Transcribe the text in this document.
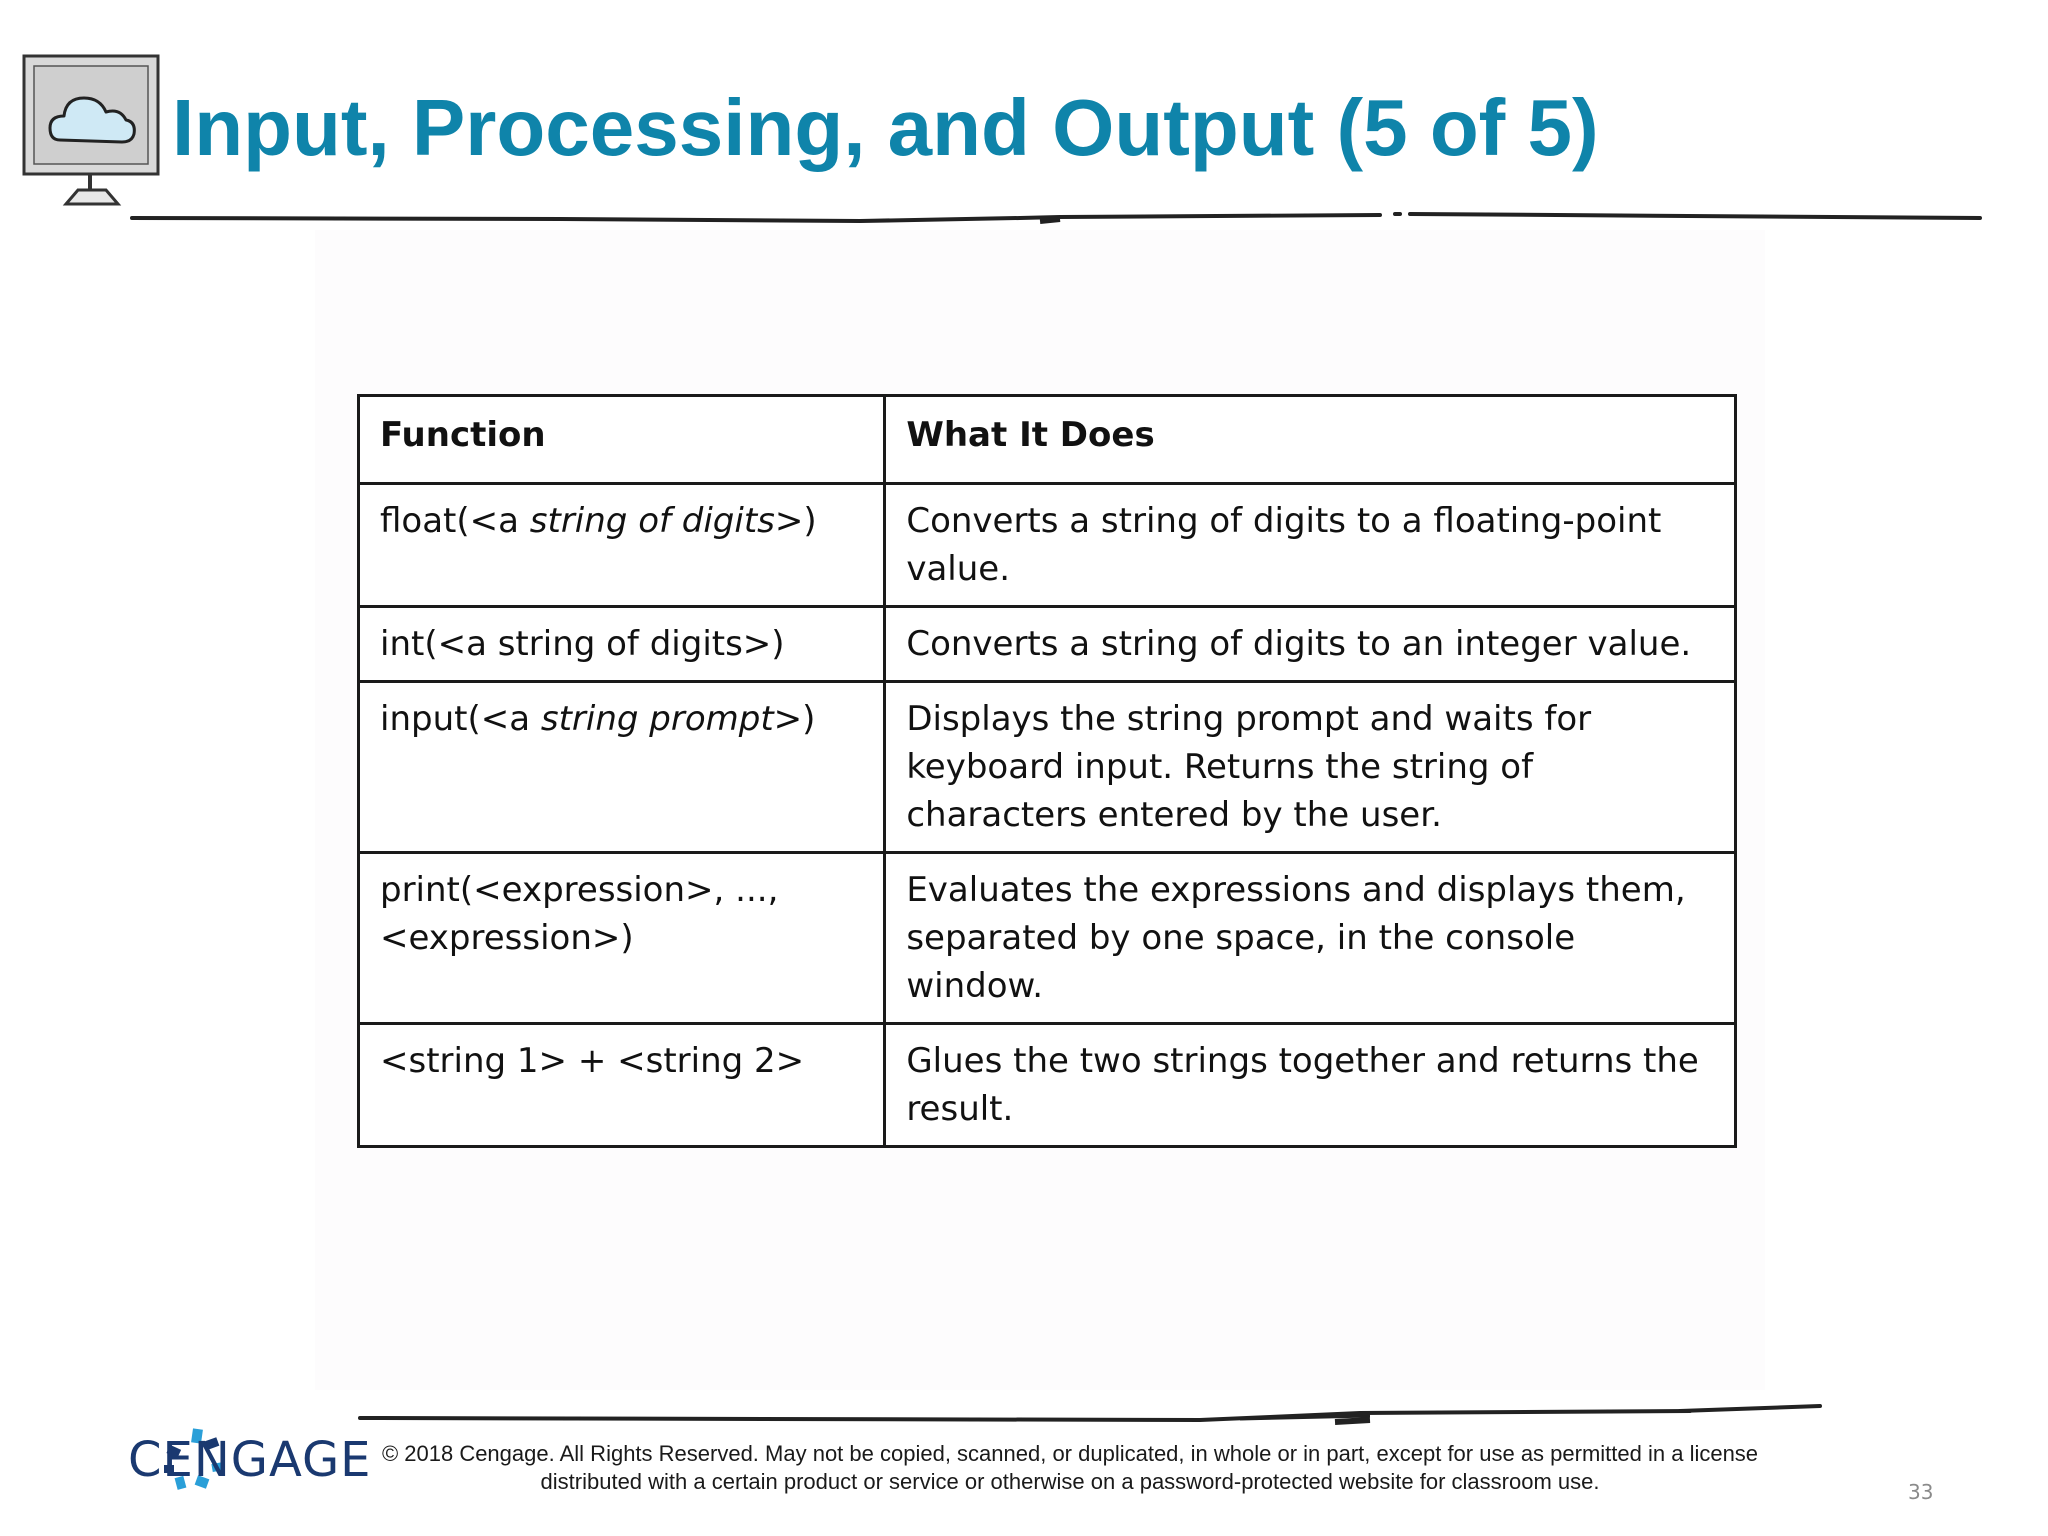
Input, Processing, and Output (5 of 5)
Function	What It Does
float(<a string of digits>)	Converts a string of digits to a floating-point value.
int(<a string of digits>)	Converts a string of digits to an integer value.
input(<a string prompt>)	Displays the string prompt and waits for keyboard input. Returns the string of characters entered by the user.
print(<expression>, ...,<expression>)	Evaluates the expressions and displays them, separated by one space, in the console window.
<string 1> + <string 2>	Glues the two strings together and returns the result.
CENGAGE © 2018 Cengage. All Rights Reserved. May not be copied, scanned, or duplicated, in whole or in part, except for use as permitted in a license distributed with a certain product or service or otherwise on a password-protected website for classroom use.	33
